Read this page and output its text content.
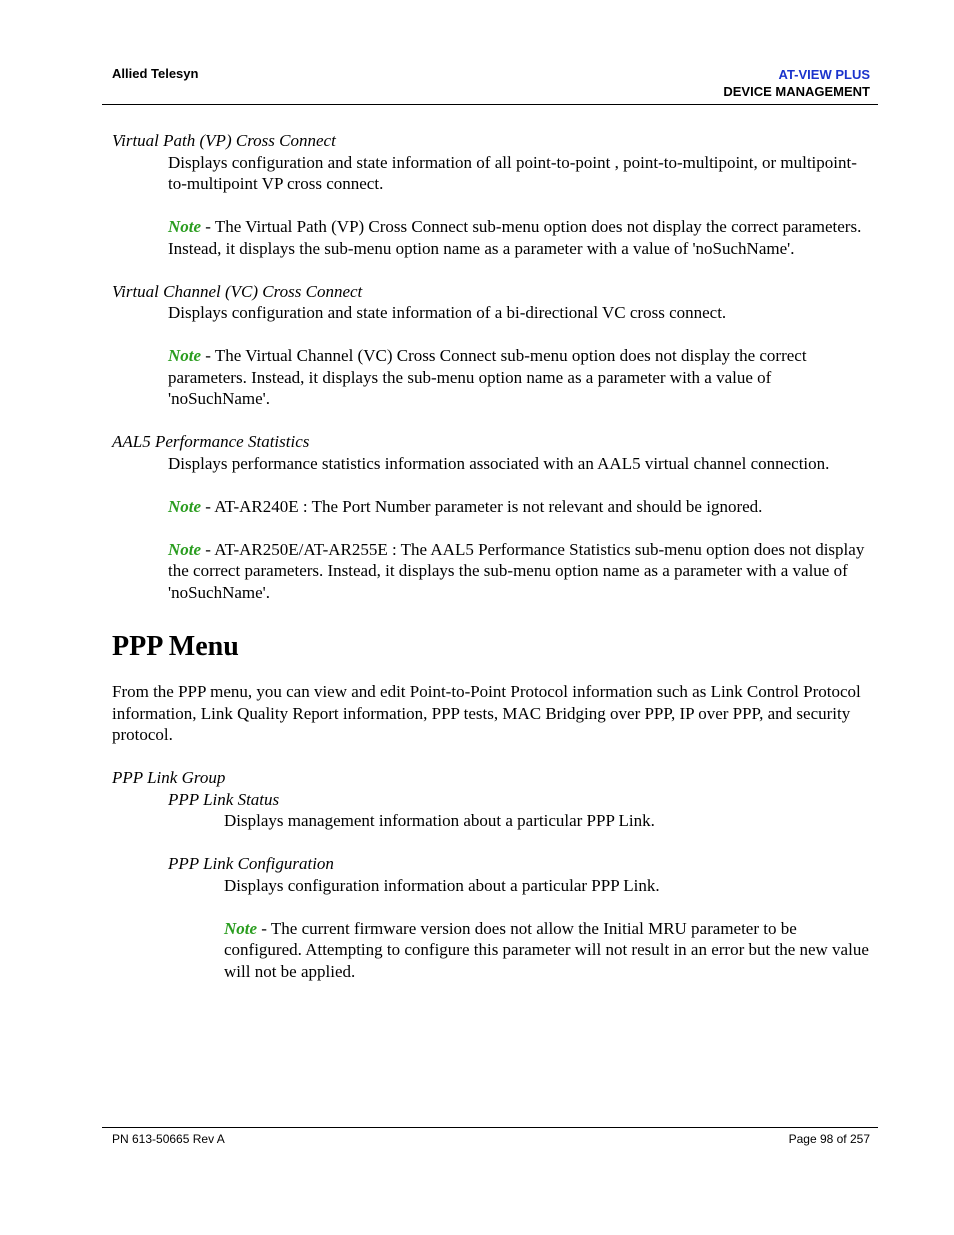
Allied Telesyn	AT-VIEW PLUS
DEVICE MANAGEMENT

Virtual Path (VP) Cross Connect

Displays configuration and state information of all point-to-point , point-to-multipoint, or multipoint-to-multipoint VP cross connect.

Note - The Virtual Path (VP) Cross Connect sub-menu option does not display the correct parameters. Instead, it displays the sub-menu option name as a parameter with a value of 'noSuchName'.

Virtual Channel (VC) Cross Connect

Displays configuration and state information of a bi-directional VC cross connect.

Note - The Virtual Channel (VC) Cross Connect sub-menu option does not display the correct parameters. Instead, it displays the sub-menu option name as a parameter with a value of 'noSuchName'.

AAL5 Performance Statistics

Displays performance statistics information associated with an AAL5 virtual channel connection.

Note - AT-AR240E : The Port Number parameter is not relevant and should be ignored.

Note - AT-AR250E/AT-AR255E : The AAL5 Performance Statistics sub-menu option does not display the correct parameters. Instead, it displays the sub-menu option name as a parameter with a value of 'noSuchName'.

PPP Menu

From the PPP menu, you can view and edit Point-to-Point Protocol information such as Link Control Protocol information, Link Quality Report information, PPP tests, MAC Bridging over PPP, IP over PPP, and security protocol.

PPP Link Group

PPP Link Status

Displays management information about a particular PPP Link.

PPP Link Configuration

Displays configuration information about a particular PPP Link.

Note - The current firmware version does not allow the Initial MRU parameter to be configured. Attempting to configure this parameter will not result in an error but the new value will not be applied.

PN 613-50665 Rev A	Page 98 of 257
